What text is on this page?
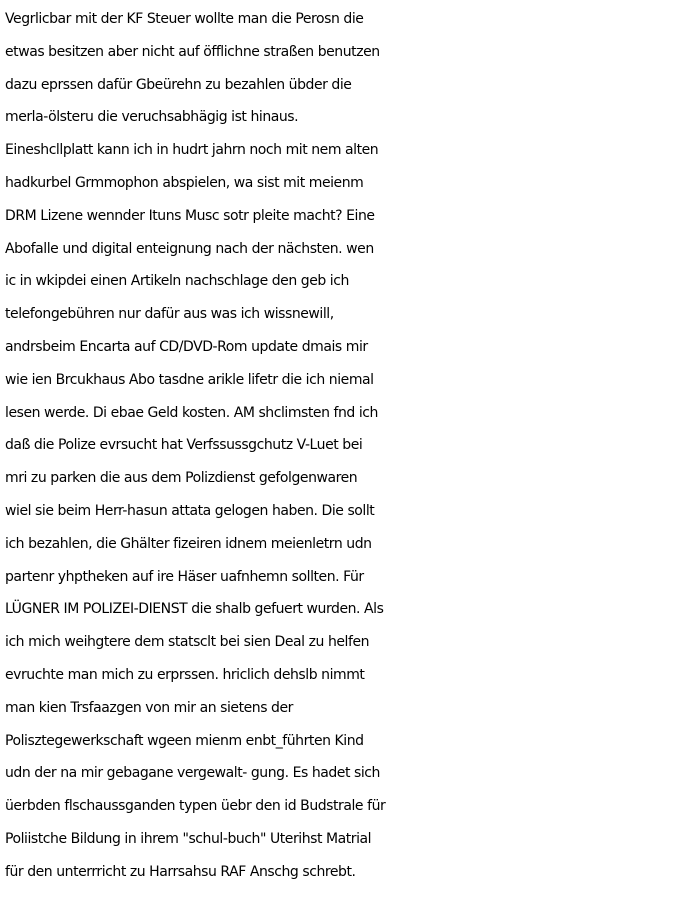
Vegrlicbar mit der KF Steuer wollte man die Perosn die
etwas besitzen aber nicht auf öfflichne straßen benutzen
dazu eprssen dafür Gbeürehn zu bezahlen übder die
merla-ölsteru die veruchsabhägig ist hinaus.
Eineshcllplatt kann ich in hudrt jahrn noch mit nem alten
hadkurbel Grmmophon abspielen, wa sist mit meienm
DRM Lizene wennder Ituns Musc sotr pleite macht? Eine
Abofalle und digital enteignung nach der nächsten. wen
ic in wkipdei einen Artikeln nachschlage den geb ich
telefongebühren nur dafür aus was ich wissnewill,
andrsbeim Encarta auf CD/DVD-Rom update dmais mir
wie ien Brcukhaus Abo tasdne arikle lifetr die ich niemal
lesen werde. Di ebae Geld kosten. AM shclimsten fnd ich
daß die Polize evrsucht hat Verfssussgchutz V-Luet bei
mri zu parken die aus dem Polizdienst gefolgenwaren
wiel sie beim Herr-hasun attata gelogen haben. Die sollt
ich bezahlen, die Ghälter fizeiren idnem meienletrn udn
partenr yhptheken auf ire Häser uafnhemn sollten. Für
LÜGNER IM POLIZEI-DIENST die shalb gefuert wurden. Als
ich mich weihgtere dem statsclt bei sien Deal zu helfen
evruchte man mich zu erprssen. hriclich dehslb nimmt
man kien Trsfaazgen von mir an sietens der
Polisztegewerkschaft wgeen mienm enbt_führten Kind
udn der na mir gebagane vergewalt- gung. Es hadet sich
üerbden flschaussganden typen üebr den id Budstrale für
Poliistche Bildung in ihrem "schul-buch" Uterihst Matrial
für den unterrricht zu Harrsahsu RAF Anschg schrebt.
